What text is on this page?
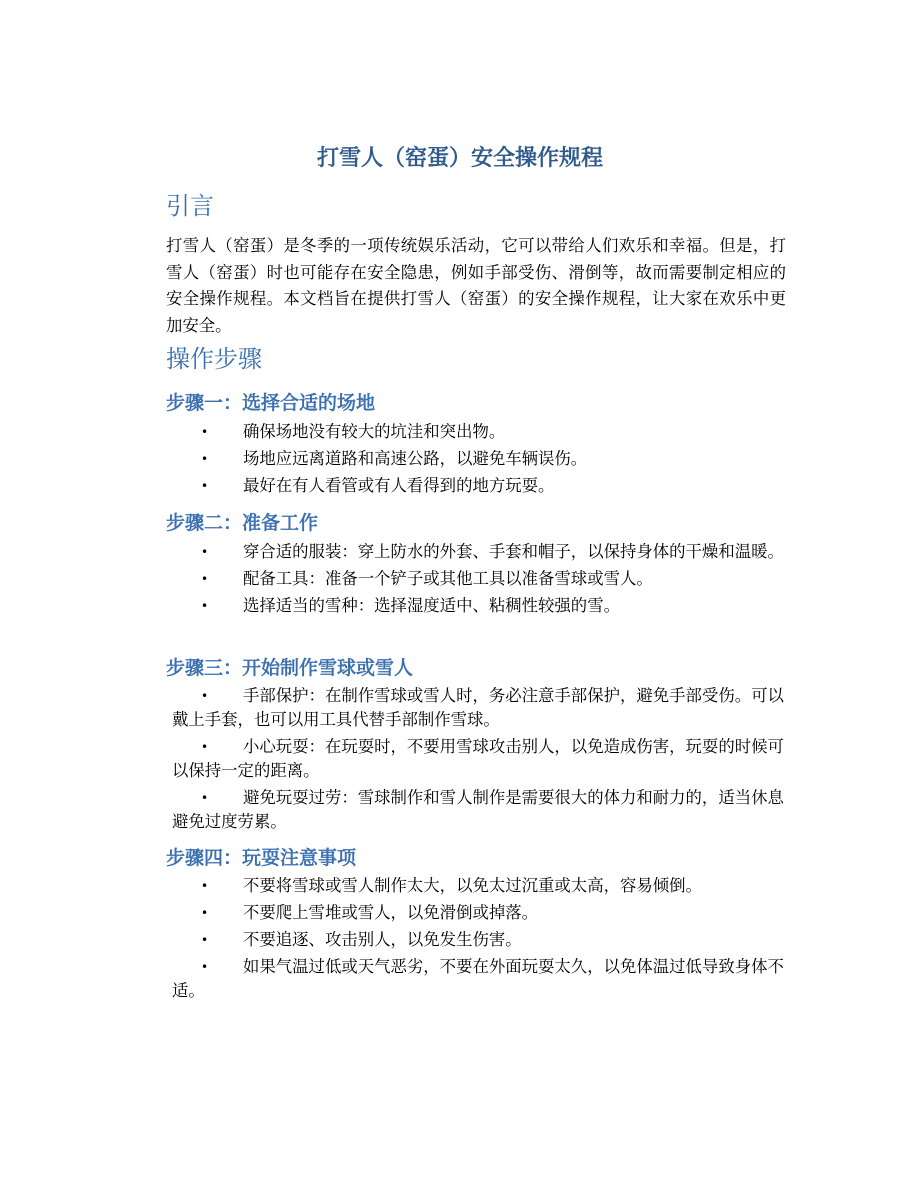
打雪人（窑蛋）安全操作规程
引言

打雪人（窑蛋）是冬季的一项传统娱乐活动，它可以带给人们欢乐和幸福。但是，打雪人（窑蛋）时也可能存在安全隐患，例如手部受伤、滑倒等，故而需要制定相应的安全操作规程。本文档旨在提供打雪人（窑蛋）的安全操作规程，让大家在欢乐中更加安全。

操作步骤
步骤一：选择合适的场地
• 确保场地没有较大的坑洼和突出物。
• 场地应远离道路和高速公路，以避免车辆误伤。
• 最好在有人看管或有人看得到的地方玩耍。
步骤二：准备工作
• 穿合适的服装：穿上防水的外套、手套和帽子，以保持身体的干燥和温暖。
• 配备工具：准备一个铲子或其他工具以准备雪球或雪人。
• 选择适当的雪种：选择湿度适中、粘稠性较强的雪。
步骤三：开始制作雪球或雪人
• 手部保护：在制作雪球或雪人时，务必注意手部保护，避免手部受伤。可以戴上手套，也可以用工具代替手部制作雪球。
• 小心玩耍：在玩耍时，不要用雪球攻击别人，以免造成伤害，玩耍的时候可以保持一定的距离。
• 避免玩耍过劳：雪球制作和雪人制作是需要很大的体力和耐力的，适当休息避免过度劳累。
步骤四：玩耍注意事项
• 不要将雪球或雪人制作太大，以免太过沉重或太高，容易倾倒。
• 不要爬上雪堆或雪人，以免滑倒或掉落。
• 不要追逐、攻击别人，以免发生伤害。
• 如果气温过低或天气恶劣，不要在外面玩耍太久，以免体温过低导致身体不适。
